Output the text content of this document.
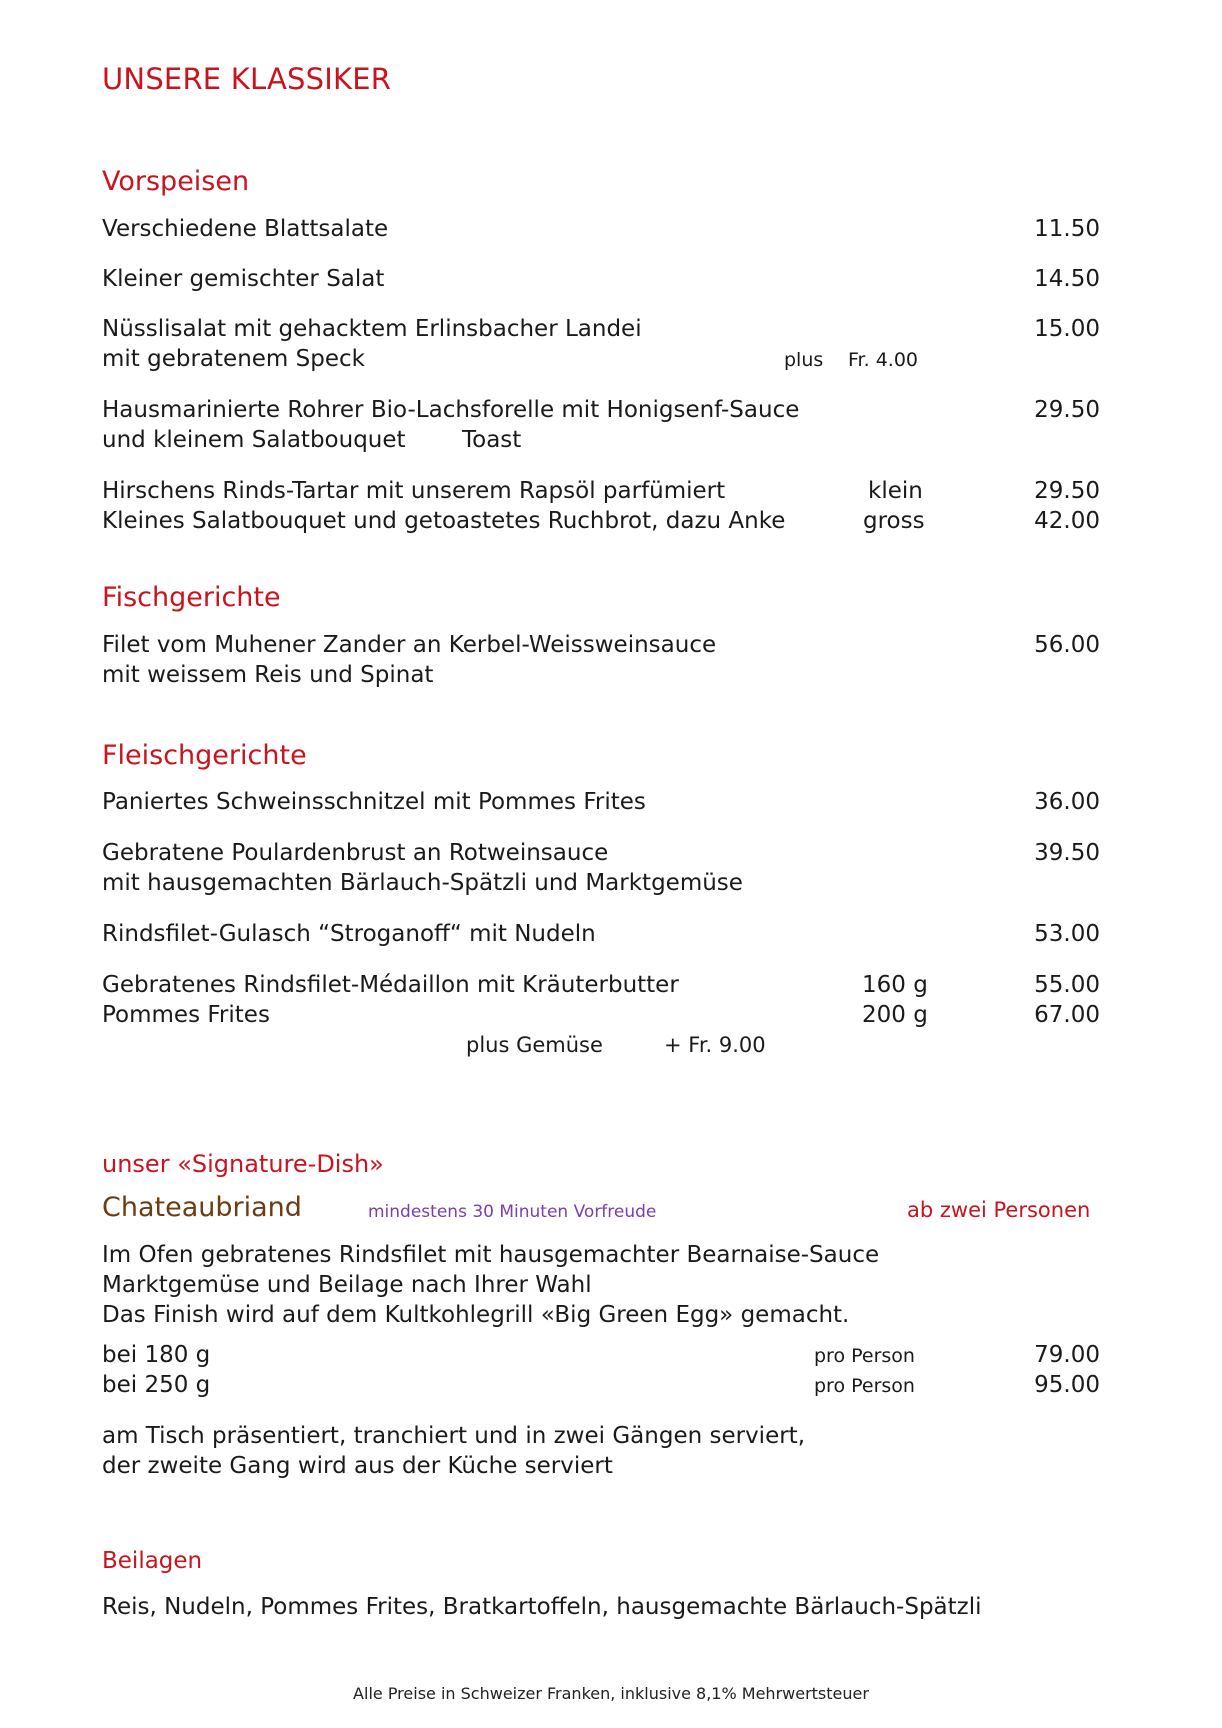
UNSERE KLASSIKER
Vorspeisen
Verschiedene Blattsalate	11.50
Kleiner gemischter Salat	14.50
Nüsslisalat mit gehacktem Erlinsbacher Landei	15.00
mit gebratenem Speck	plus Fr. 4.00
Hausmarinierte Rohrer Bio-Lachsforelle mit Honigsenf-Sauce	29.50
und kleinem Salatbouquet Toast
Hirschens Rinds-Tartar mit unserem Rapsöl parfümiert	klein	29.50
Kleines Salatbouquet und getoastetes Ruchbrot, dazu Anke	gross	42.00
Fischgerichte
Filet vom Muhener Zander an Kerbel-Weissweinsauce	56.00
mit weissem Reis und Spinat
Fleischgerichte
Paniertes Schweinsschnitzel mit Pommes Frites	36.00
Gebratene Poulardenbrust an Rotweinsauce	39.50
mit hausgemachten Bärlauch-Spätzli und Marktgemüse
Rindsfilet-Gulasch “Stroganoff“ mit Nudeln	53.00
Gebratenes Rindsfilet-Médaillon mit Kräuterbutter	160 g	55.00
Pommes Frites	200 g	67.00
plus Gemüse	+ Fr. 9.00
unser «Signature-Dish»
Chateaubriand	mindestens 30 Minuten Vorfreude	ab zwei Personen
Im Ofen gebratenes Rindsfilet mit hausgemachter Bearnaise-Sauce
Marktgemüse und Beilage nach Ihrer Wahl
Das Finish wird auf dem Kultkohlegrill «Big Green Egg» gemacht.
bei 180 g	pro Person	79.00
bei 250 g	pro Person	95.00
am Tisch präsentiert, tranchiert und in zwei Gängen serviert,
der zweite Gang wird aus der Küche serviert
Beilagen
Reis, Nudeln, Pommes Frites, Bratkartoffeln, hausgemachte Bärlauch-Spätzli
Alle Preise in Schweizer Franken, inklusive 8,1% Mehrwertsteuer
